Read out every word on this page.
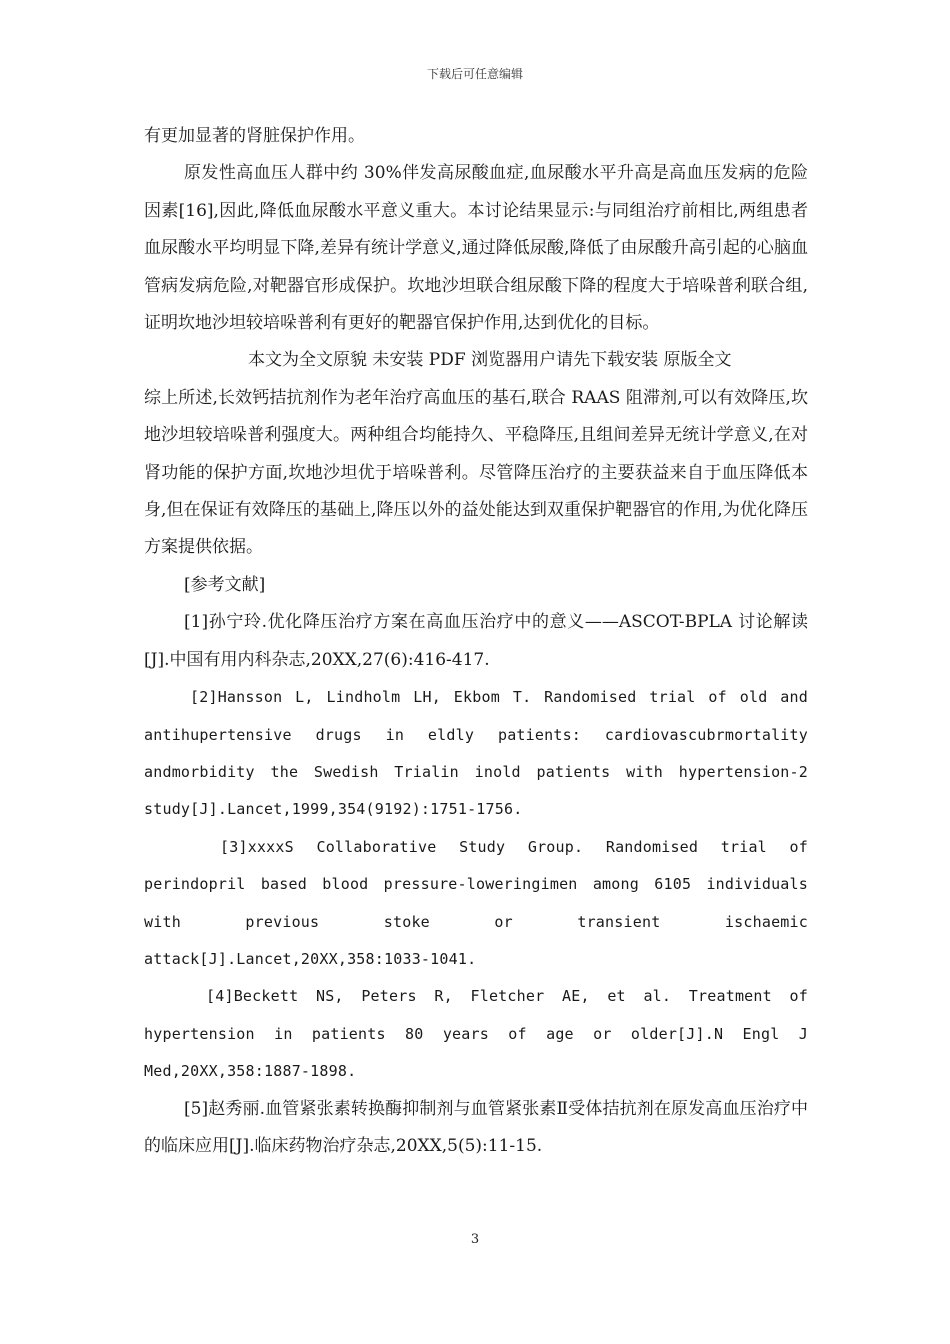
下载后可任意编辑

有更加显著的肾脏保护作用。

原发性高血压人群中约 30%伴发高尿酸血症,血尿酸水平升高是高血压发病的危险因素[16],因此,降低血尿酸水平意义重大。本讨论结果显示:与同组治疗前相比,两组患者血尿酸水平均明显下降,差异有统计学意义,通过降低尿酸,降低了由尿酸升高引起的心脑血管病发病危险,对靶器官形成保护。坎地沙坦联合组尿酸下降的程度大于培哚普利联合组,证明坎地沙坦较培哚普利有更好的靶器官保护作用,达到优化的目标。

本文为全文原貌 未安装 PDF 浏览器用户请先下载安装 原版全文

综上所述,长效钙拮抗剂作为老年治疗高血压的基石,联合 RAAS 阻滞剂,可以有效降压,坎地沙坦较培哚普利强度大。两种组合均能持久、平稳降压,且组间差异无统计学意义,在对肾功能的保护方面,坎地沙坦优于培哚普利。尽管降压治疗的主要获益来自于血压降低本身,但在保证有效降压的基础上,降压以外的益处能达到双重保护靶器官的作用,为优化降压方案提供依据。

[参考文献]

[1]孙宁玲.优化降压治疗方案在高血压治疗中的意义——ASCOT-BPLA 讨论解读[J].中国有用内科杂志,20XX,27(6):416-417.

[2]Hansson L, Lindholm LH, Ekbom T. Randomised trial of old and antihupertensive drugs in eldly patients: cardiovascubrmortality andmorbidity the Swedish Trialin inold patients with hypertension-2 study[J].Lancet,1999,354(9192):1751-1756.

[3]xxxxS Collaborative Study Group. Randomised trial of perindopril based blood pressure-loweringimen among 6105 individuals with previous stoke or transient ischaemic attack[J].Lancet,20XX,358:1033-1041.

[4]Beckett NS, Peters R, Fletcher AE, et al. Treatment of hypertension in patients 80 years of age or older[J].N Engl J Med,20XX,358:1887-1898.

[5]赵秀丽.血管紧张素转换酶抑制剂与血管紧张素Ⅱ受体拮抗剂在原发高血压治疗中的临床应用[J].临床药物治疗杂志,20XX,5(5):11-15.

3
